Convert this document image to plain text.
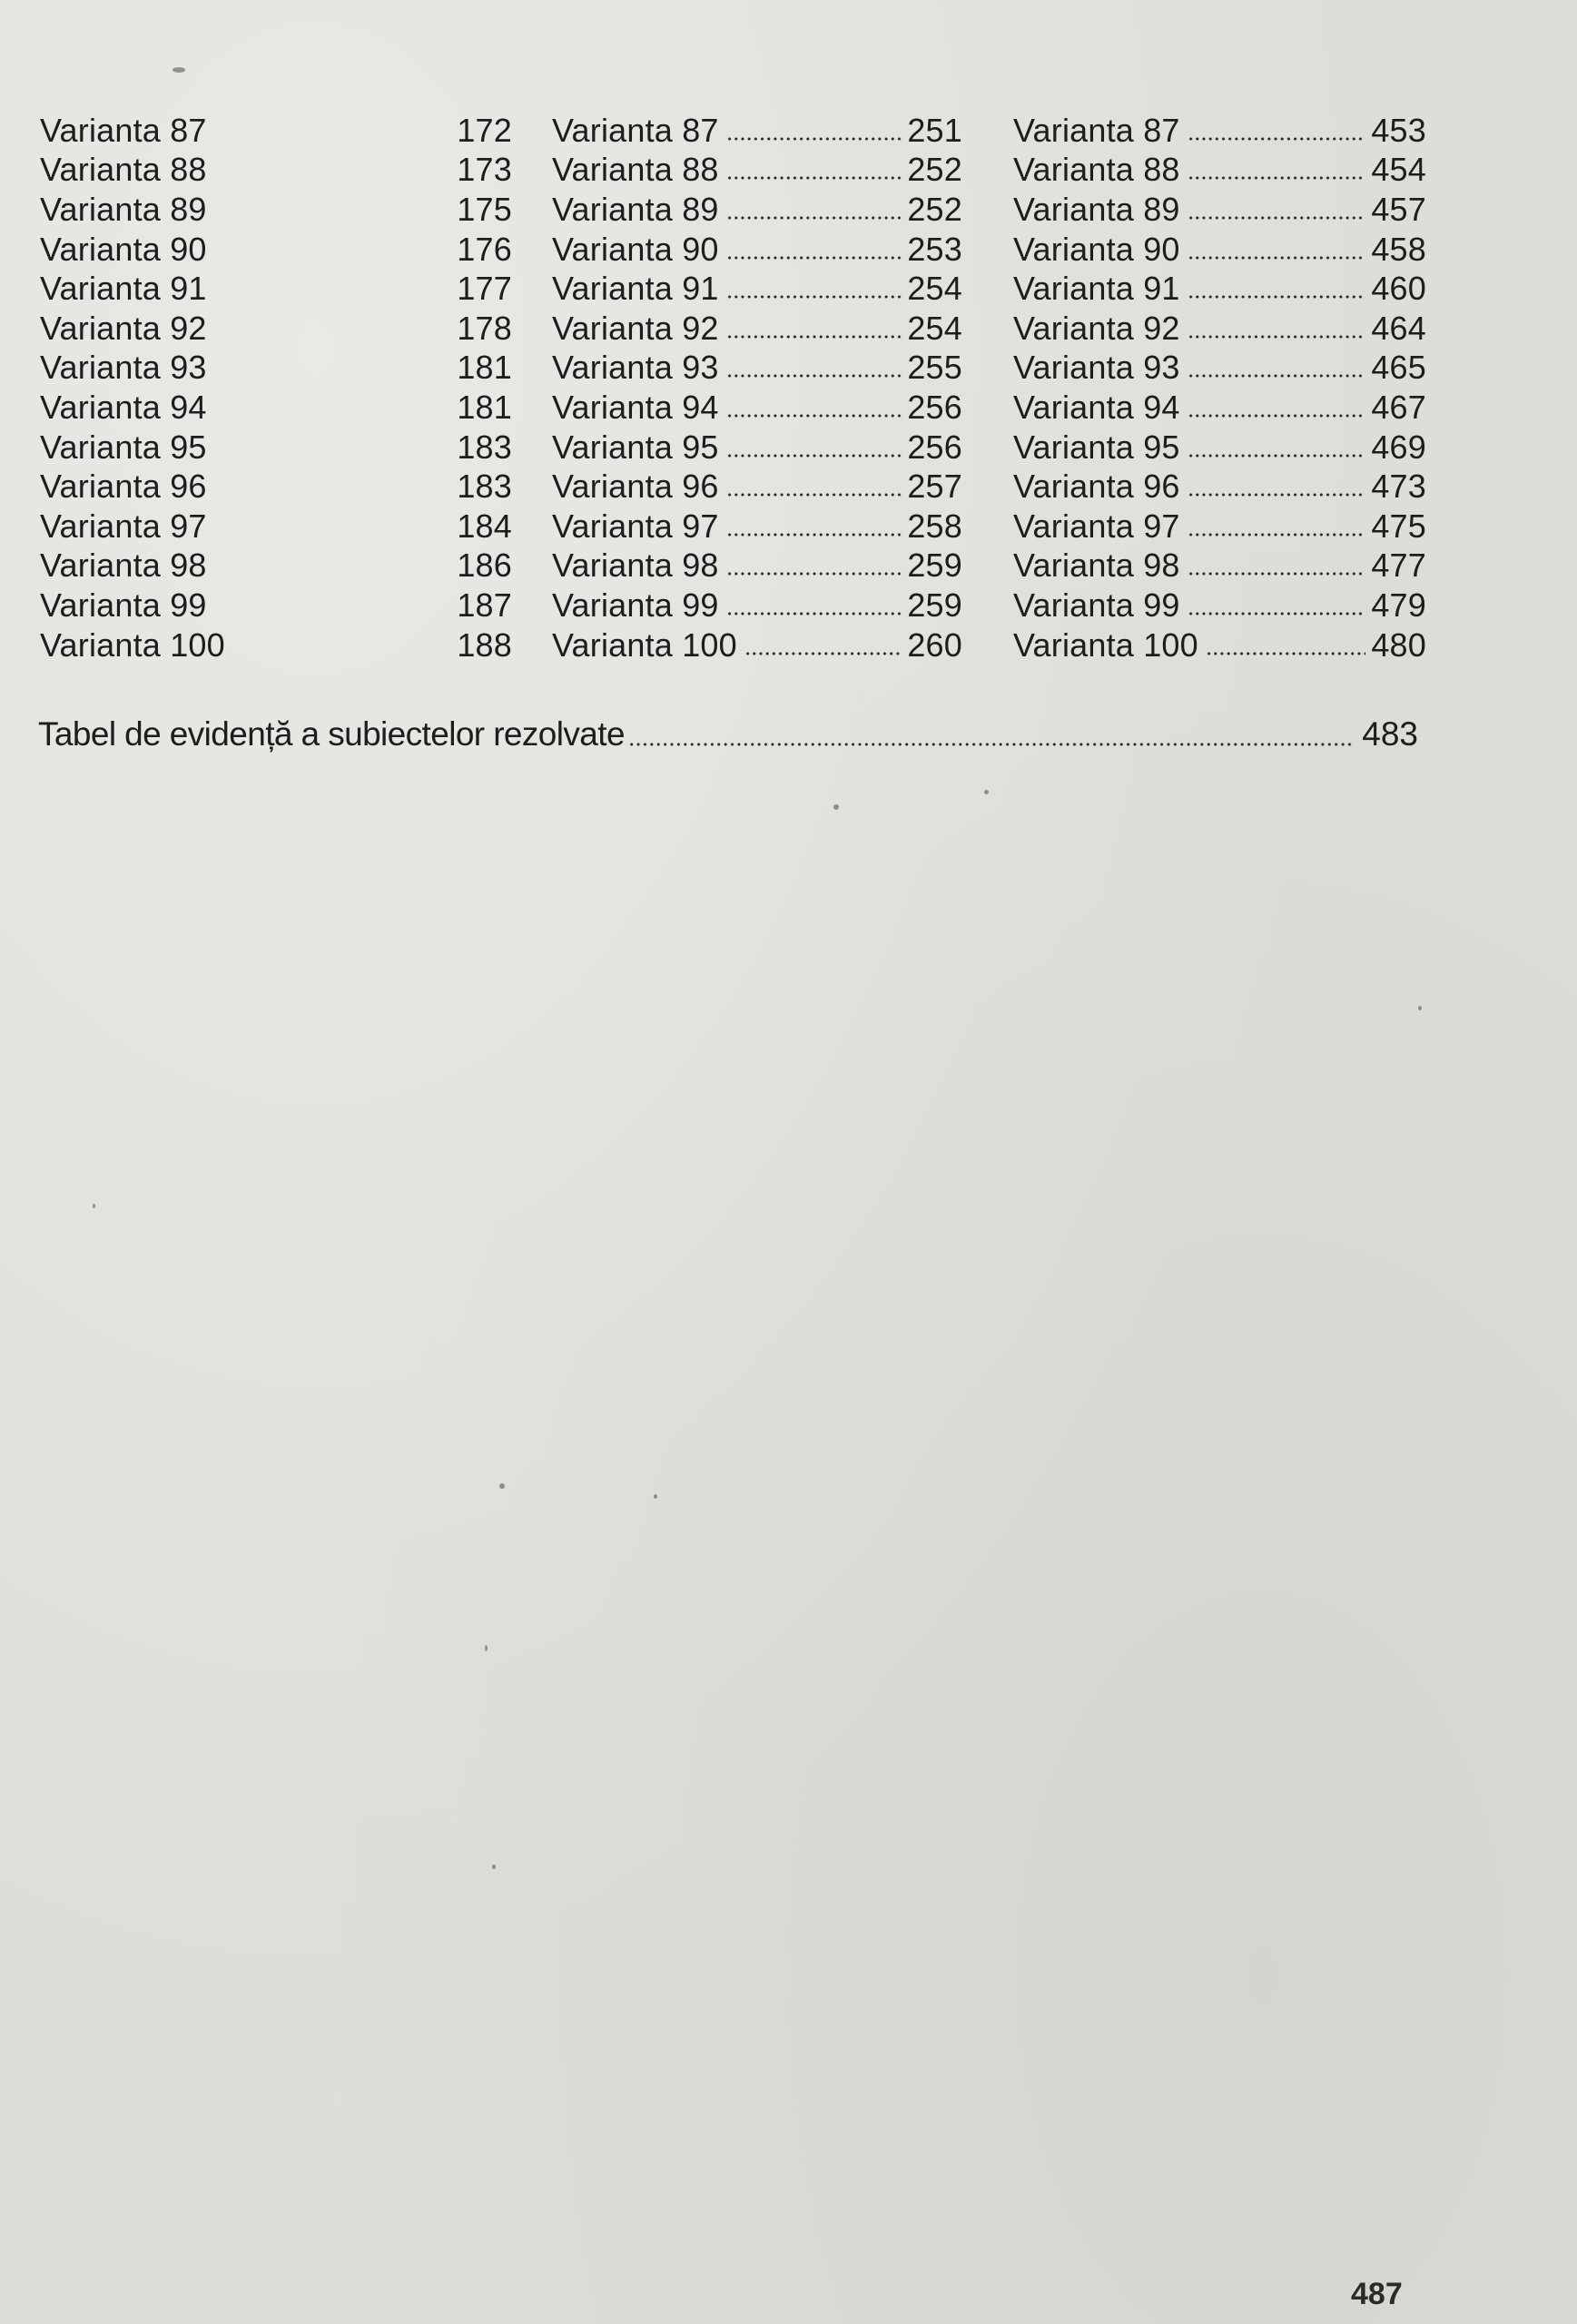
Varianta 87	172
Varianta 88	173
Varianta 89	175
Varianta 90	176
Varianta 91	177
Varianta 92	178
Varianta 93	181
Varianta 94	181
Varianta 95	183
Varianta 96	183
Varianta 97	184
Varianta 98	186
Varianta 99	187
Varianta 100	188
Varianta 87	251
Varianta 88	252
Varianta 89	252
Varianta 90	253
Varianta 91	254
Varianta 92	254
Varianta 93	255
Varianta 94	256
Varianta 95	256
Varianta 96	257
Varianta 97	258
Varianta 98	259
Varianta 99	259
Varianta 100	260
Varianta 87	453
Varianta 88	454
Varianta 89	457
Varianta 90	458
Varianta 91	460
Varianta 92	464
Varianta 93	465
Varianta 94	467
Varianta 95	469
Varianta 96	473
Varianta 97	475
Varianta 98	477
Varianta 99	479
Varianta 100	480
Tabel de evidență a subiectelor rezolvate	483
487
